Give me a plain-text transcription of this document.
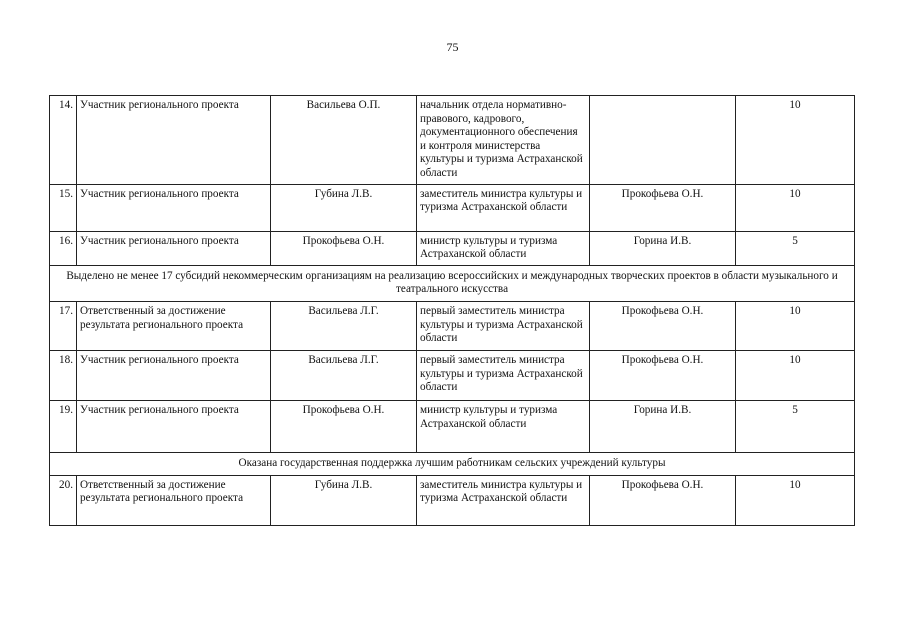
75
14.	Участник регионального проекта	Васильева О.П.	начальник отдела нормативно-правового, кадрового, документационного обеспечения и контроля министерства культуры и туризма Астраханской области		10
15.	Участник регионального проекта	Губина Л.В.	заместитель министра культуры и туризма Астраханской области	Прокофьева О.Н.	10
16.	Участник регионального проекта	Прокофьева О.Н.	министр культуры и туризма Астраханской области	Горина И.В.	5
Выделено не менее 17 субсидий некоммерческим организациям на реализацию всероссийских и международных творческих проектов в области музыкального и театрального искусства					
17.	Ответственный за достижение результата регионального проекта	Васильева Л.Г.	первый заместитель министра культуры и туризма Астраханской области	Прокофьева О.Н.	10
18.	Участник регионального проекта	Васильева Л.Г.	первый заместитель министра культуры и туризма Астраханской области	Прокофьева О.Н.	10
19.	Участник регионального проекта	Прокофьева О.Н.	министр культуры и туризма Астраханской области	Горина И.В.	5
Оказана государственная поддержка лучшим работникам сельских учреждений культуры					
20.	Ответственный за достижение результата регионального проекта	Губина Л.В.	заместитель министра культуры и туризма Астраханской области	Прокофьева О.Н.	10
